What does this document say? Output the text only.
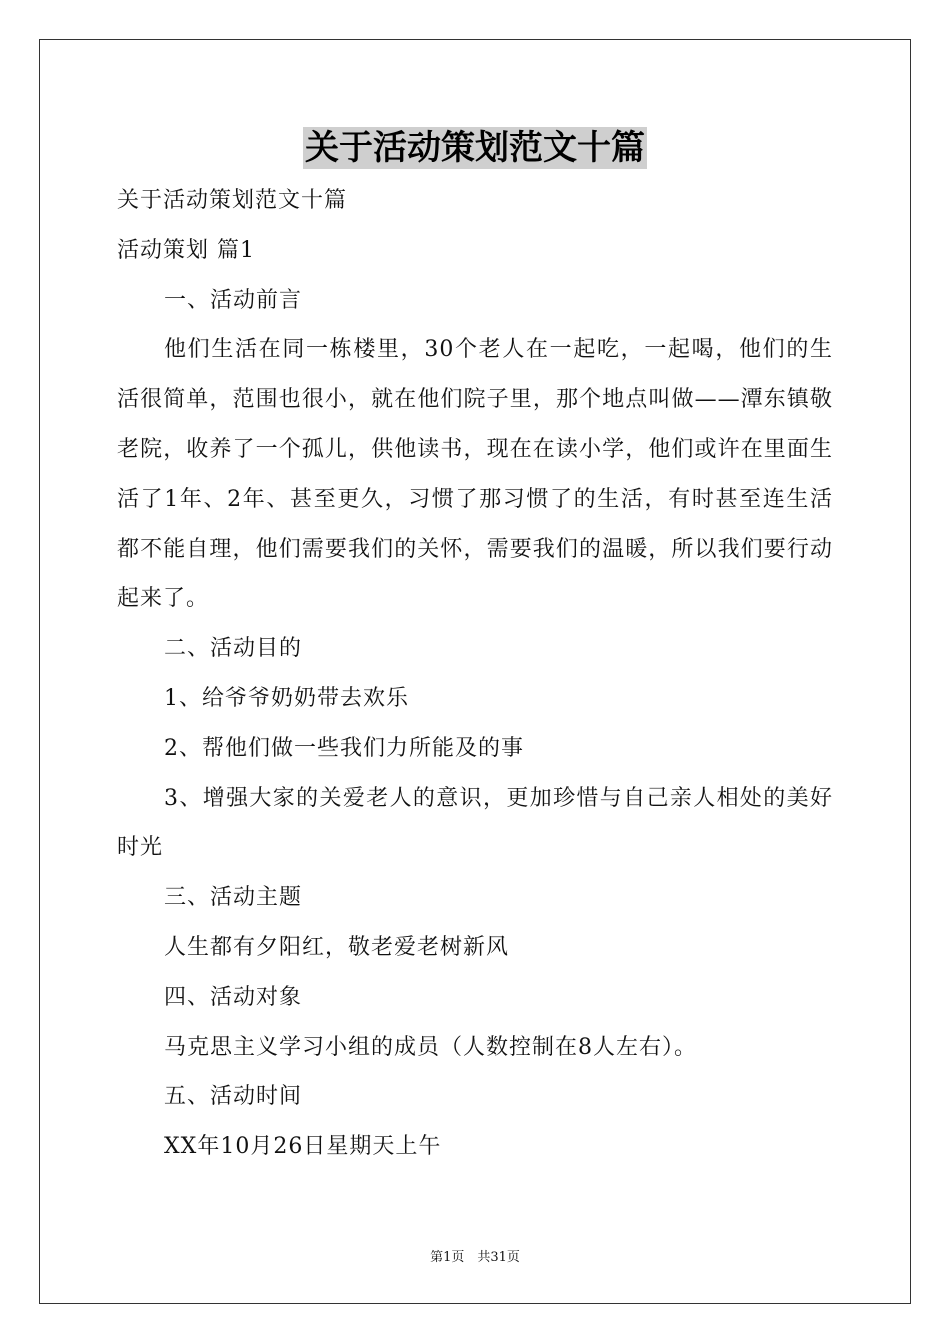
关于活动策划范文十篇

关于活动策划范文十篇

活动策划 篇1

一、活动前言

他们生活在同一栋楼里，30个老人在一起吃，一起喝，他们的生活很简单，范围也很小，就在他们院子里，那个地点叫做——潭东镇敬老院，收养了一个孤儿，供他读书，现在在读小学，他们或许在里面生活了1年、2年、甚至更久，习惯了那习惯了的生活，有时甚至连生活都不能自理，他们需要我们的关怀，需要我们的温暖，所以我们要行动起来了。

二、活动目的

1、给爷爷奶奶带去欢乐

2、帮他们做一些我们力所能及的事

3、增强大家的关爱老人的意识，更加珍惜与自己亲人相处的美好时光

三、活动主题

人生都有夕阳红，敬老爱老树新风

四、活动对象

马克思主义学习小组的成员（人数控制在8人左右）。

五、活动时间

XX年10月26日星期天上午

第1页　共31页
